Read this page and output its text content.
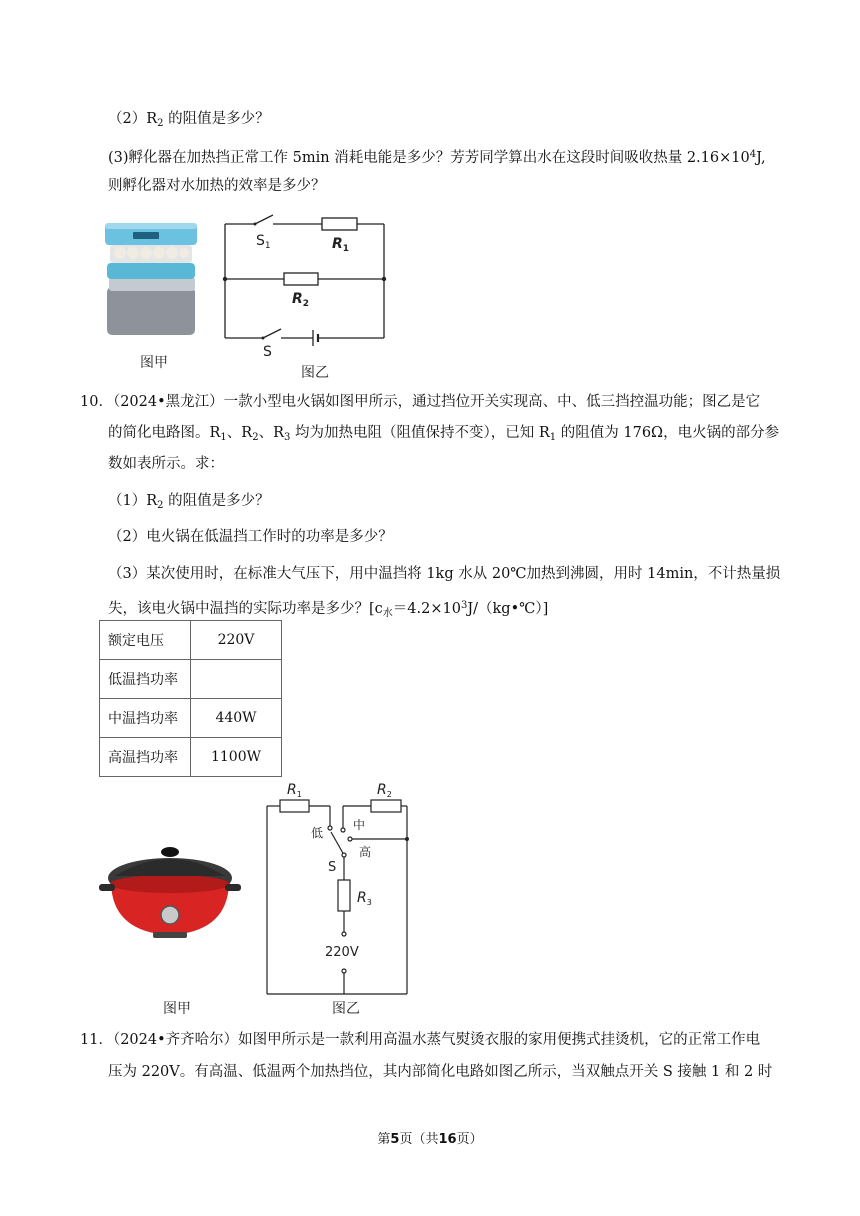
$(2)R_2$ 的阻值是多少？
(3)孵化器在加热挡正常工作 5min 消耗电能是多少？芳芳同学算出水在这段时间吸收热量 $2.16\times 10^4J$,
则孵化器对水加热的效率是多少？
图甲
$S_1$	$R_1$
$R_2$
S
图乙
10．（2024•黑龙江）一款小型电火锅如图甲所示，通过挡位开关实现高、中、低三挡控温功能；图乙是它
的简化电路图。$R_1$、$R_2$、$R_3$ 均为加热电阻（阻值保持不变），已知 $R_1$ 的阻值为 176Ω，电火锅的部分参
数如表所示。求：
$(1)R_2$ 的阻值是多少？
（2）电火锅在低温挡工作时的功率是多少？
（3）某次使用时，在标准大气压下，用中温挡将 1kg 水从 20℃加热到沸圆，用时 14min，不计热量损
失，该电火锅中温挡的实际功率是多少？$[c_水=4.2\times 10^3J/(kg•℃)]$
额定电压	220V
低温挡功率	
中温挡功率	440W
高温挡功率	1100W
图甲
$R_1$	$R_2$
$R_3$
低
中
高
S
220V
图乙
11．（2024•齐齐哈尔）如图甲所示是一款利用高温水蒸气熨烫衣服的家用便携式挂烫机，它的正常工作电
压为 220V。有高温、低温两个加热挡位，其内部简化电路如图乙所示，当双触点开关 S 接触 1 和 2 时
第5页（共16页）
